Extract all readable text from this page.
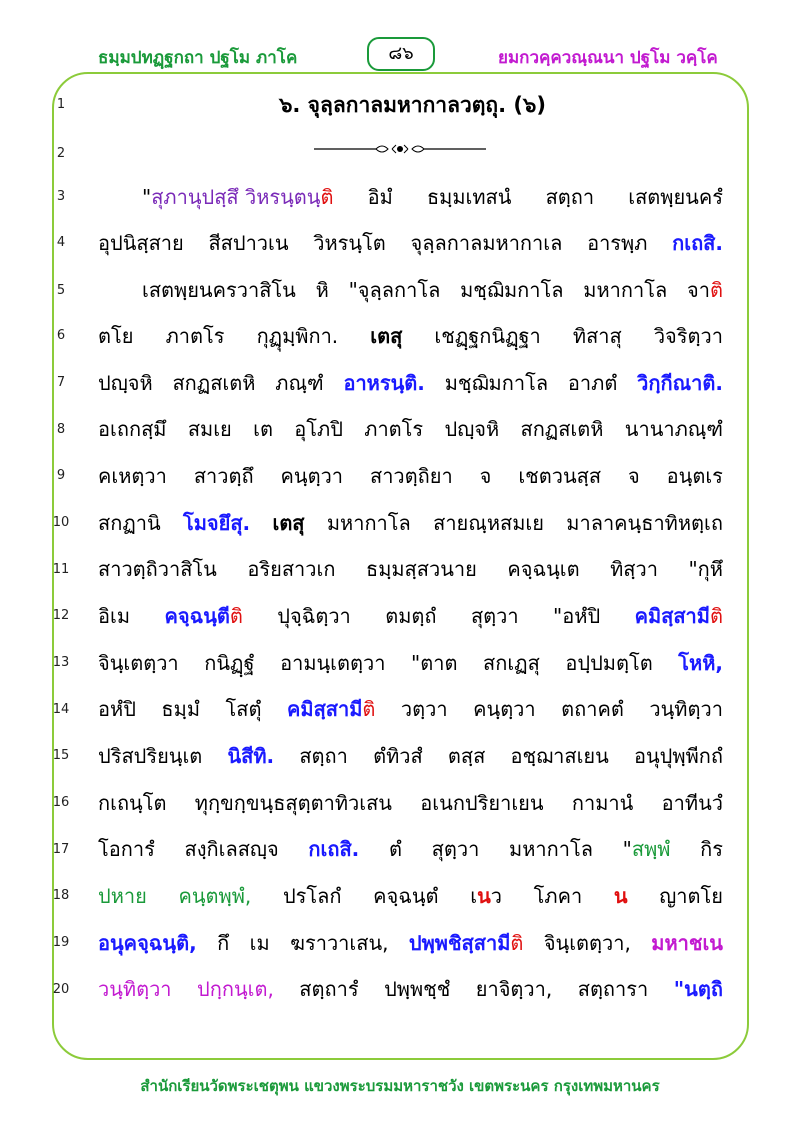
ธมฺมปทฏฺฐกถา ปฐโม ภาโค	๘๖	ยมกวคฺควณฺณนา ปฐโม วคฺโค
1
2
3
4
5
6
7
8
9
10
11
12
13
14
15
16
17
18
19
20
๖. จุลฺลกาลมหากาลวตฺถุ. (๖)
"สุภานุปสฺสึ วิหรนฺตนฺติ อิมํ ธมฺมเทสนํ สตฺถา เสตพฺยนครํ
อุปนิสฺสาย สีสปาวเน วิหรนฺโต จุลฺลกาลมหากาเล อารพฺภ กเถสิ.
เสตพฺยนครวาสิโน หิ "จุลฺลกาโล มชฺฌิมกาโล มหากาโล จาติ
ตโย ภาตโร กุฏุมฺพิกา. เตสุ เชฏฺฐกนิฏฺฐา ทิสาสุ วิจริตฺวา
ปญฺจหิ สกฏสเตหิ ภณฺฑํ อาหรนฺติ. มชฺฌิมกาโล อาภตํ วิกฺกีณาติ.
อเถกสฺมึ สมเย เต อุโภปิ ภาตโร ปญฺจหิ สกฏสเตหิ นานาภณฺฑํ
คเหตฺวา สาวตฺถึ คนฺตฺวา สาวตฺถิยา จ เชตวนสฺส จ อนฺตเร
สกฏานิ โมจยึสุ. เตสุ มหากาโล สายณฺหสมเย มาลาคนฺธาทิหตฺเถ
สาวตฺถิวาสิโน อริยสาวเก ธมฺมสฺสวนาย คจฺฉนฺเต ทิสฺวา "กุหึ
อิเม คจฺฉนฺตีติ ปุจฺฉิตฺวา ตมตฺถํ สุตฺวา "อหํปิ คมิสฺสามีติ
จินฺเตตฺวา กนิฏฺฐํ อามนฺเตตฺวา "ตาต สกเฏสุ อปฺปมตฺโต โหหิ,
อหํปิ ธมฺมํ โสตุํ คมิสฺสามีติ วตฺวา คนฺตฺวา ตถาคตํ วนฺทิตฺวา
ปริสปริยนฺเต นิสีทิ. สตฺถา ตํทิวสํ ตสฺส อชฺฌาสเยน อนุปุพฺพีกถํ
กเถนฺโต ทุกฺขกฺขนฺธสุตฺตาทิวเสน อเนกปริยาเยน กามานํ อาทีนวํ
โอการํ สงฺกิเลสญฺจ กเถสิ. ตํ สุตฺวา มหากาโล "สพฺพํ กิร
ปหาย คนฺตพฺพํ, ปรโลกํ คจฺฉนฺตํ เนว โภคา น ญาตโย
อนุคจฺฉนฺติ, กึ เม ฆราวาเสน, ปพฺพชิสฺสามีติ จินฺเตตฺวา, มหาชเน
วนฺทิตฺวา ปกฺกนฺเต, สตฺถารํ ปพฺพชฺชํ ยาจิตฺวา, สตฺถารา "นตฺถิ
สำนักเรียนวัดพระเชตุพน แขวงพระบรมมหาราชวัง เขตพระนคร กรุงเทพมหานคร
